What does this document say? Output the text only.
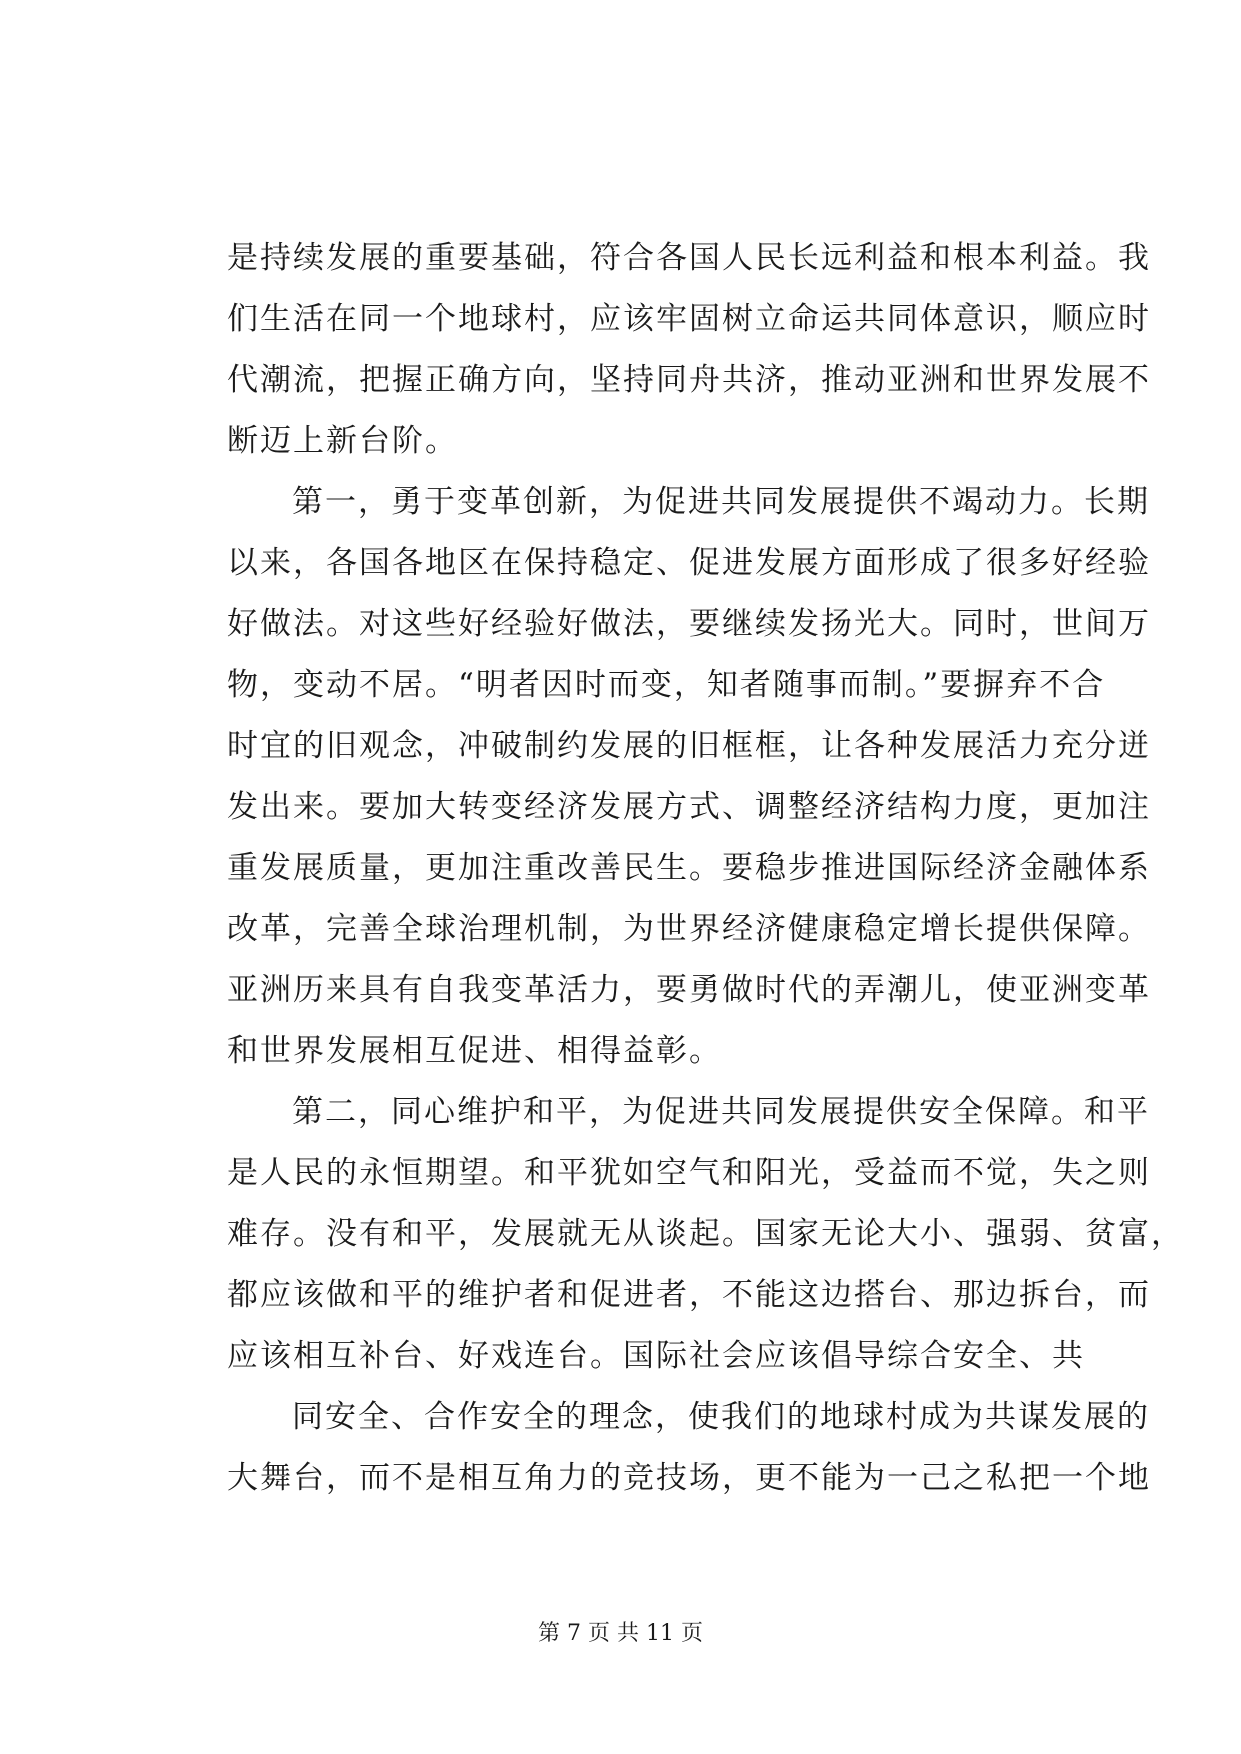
是持续发展的重要基础，符合各国人民长远利益和根本利益。我
们生活在同一个地球村，应该牢固树立命运共同体意识，顺应时
代潮流，把握正确方向，坚持同舟共济，推动亚洲和世界发展不
断迈上新台阶。
第一，勇于变革创新，为促进共同发展提供不竭动力。长期
以来，各国各地区在保持稳定、促进发展方面形成了很多好经验
好做法。对这些好经验好做法，要继续发扬光大。同时，世间万
物，变动不居。“明者因时而变，知者随事而制。”要摒弃不合
时宜的旧观念，冲破制约发展的旧框框，让各种发展活力充分迸
发出来。要加大转变经济发展方式、调整经济结构力度，更加注
重发展质量，更加注重改善民生。要稳步推进国际经济金融体系
改革，完善全球治理机制，为世界经济健康稳定增长提供保障。
亚洲历来具有自我变革活力，要勇做时代的弄潮儿，使亚洲变革
和世界发展相互促进、相得益彰。
第二，同心维护和平，为促进共同发展提供安全保障。和平
是人民的永恒期望。和平犹如空气和阳光，受益而不觉，失之则
难存。没有和平，发展就无从谈起。国家无论大小、强弱、贫富，
都应该做和平的维护者和促进者，不能这边搭台、那边拆台，而
应该相互补台、好戏连台。国际社会应该倡导综合安全、共
同安全、合作安全的理念，使我们的地球村成为共谋发展的
大舞台，而不是相互角力的竞技场，更不能为一己之私把一个地
第 7 页 共 11 页
